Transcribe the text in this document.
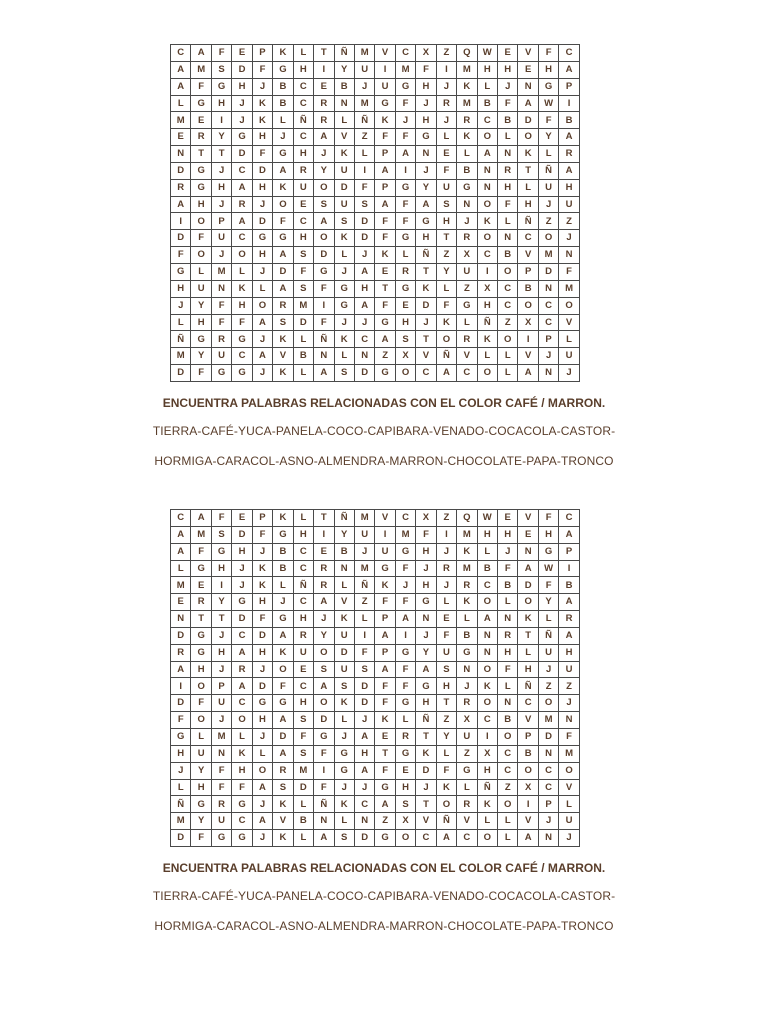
C	A	F	E	P	K	L	T	Ñ	M	V	C	X	Z	Q	W	E	V	F	C
A	M	S	D	F	G	H	I	Y	U	I	M	F	I	M	H	H	E	H	A
A	F	G	H	J	B	C	E	B	J	U	G	H	J	K	L	J	N	G	P
L	G	H	J	K	B	C	R	N	M	G	F	J	R	M	B	F	A	W	I
M	E	I	J	K	L	Ñ	R	L	Ñ	K	J	H	J	R	C	B	D	F	B
E	R	Y	G	H	J	C	A	V	Z	F	F	G	L	K	O	L	O	Y	A
N	T	T	D	F	G	H	J	K	L	P	A	N	E	L	A	N	K	L	R
D	G	J	C	D	A	R	Y	U	I	A	I	J	F	B	N	R	T	Ñ	A
R	G	H	A	H	K	U	O	D	F	P	G	Y	U	G	N	H	L	U	H
A	H	J	R	J	O	E	S	U	S	A	F	A	S	N	O	F	H	J	U
I	O	P	A	D	F	C	A	S	D	F	F	G	H	J	K	L	Ñ	Z	Z
D	F	U	C	G	G	H	O	K	D	F	G	H	T	R	O	N	C	O	J
F	O	J	O	H	A	S	D	L	J	K	L	Ñ	Z	X	C	B	V	M	N
G	L	M	L	J	D	F	G	J	A	E	R	T	Y	U	I	O	P	D	F
H	U	N	K	L	A	S	F	G	H	T	G	K	L	Z	X	C	B	N	M
J	Y	F	H	O	R	M	I	G	A	F	E	D	F	G	H	C	O	C	O
L	H	F	F	A	S	D	F	J	J	G	H	J	K	L	Ñ	Z	X	C	V
Ñ	G	R	G	J	K	L	Ñ	K	C	A	S	T	O	R	K	O	I	P	L
M	Y	U	C	A	V	B	N	L	N	Z	X	V	Ñ	V	L	L	V	J	U
D	F	G	G	J	K	L	A	S	D	G	O	C	A	C	O	L	A	N	J
ENCUENTRA PALABRAS RELACIONADAS CON EL COLOR CAFÉ / MARRON.
TIERRA-CAFÉ-YUCA-PANELA-COCO-CAPIBARA-VENADO-COCACOLA-CASTOR-
HORMIGA-CARACOL-ASNO-ALMENDRA-MARRON-CHOCOLATE-PAPA-TRONCO
C	A	F	E	P	K	L	T	Ñ	M	V	C	X	Z	Q	W	E	V	F	C
A	M	S	D	F	G	H	I	Y	U	I	M	F	I	M	H	H	E	H	A
A	F	G	H	J	B	C	E	B	J	U	G	H	J	K	L	J	N	G	P
L	G	H	J	K	B	C	R	N	M	G	F	J	R	M	B	F	A	W	I
M	E	I	J	K	L	Ñ	R	L	Ñ	K	J	H	J	R	C	B	D	F	B
E	R	Y	G	H	J	C	A	V	Z	F	F	G	L	K	O	L	O	Y	A
N	T	T	D	F	G	H	J	K	L	P	A	N	E	L	A	N	K	L	R
D	G	J	C	D	A	R	Y	U	I	A	I	J	F	B	N	R	T	Ñ	A
R	G	H	A	H	K	U	O	D	F	P	G	Y	U	G	N	H	L	U	H
A	H	J	R	J	O	E	S	U	S	A	F	A	S	N	O	F	H	J	U
I	O	P	A	D	F	C	A	S	D	F	F	G	H	J	K	L	Ñ	Z	Z
D	F	U	C	G	G	H	O	K	D	F	G	H	T	R	O	N	C	O	J
F	O	J	O	H	A	S	D	L	J	K	L	Ñ	Z	X	C	B	V	M	N
G	L	M	L	J	D	F	G	J	A	E	R	T	Y	U	I	O	P	D	F
H	U	N	K	L	A	S	F	G	H	T	G	K	L	Z	X	C	B	N	M
J	Y	F	H	O	R	M	I	G	A	F	E	D	F	G	H	C	O	C	O
L	H	F	F	A	S	D	F	J	J	G	H	J	K	L	Ñ	Z	X	C	V
Ñ	G	R	G	J	K	L	Ñ	K	C	A	S	T	O	R	K	O	I	P	L
M	Y	U	C	A	V	B	N	L	N	Z	X	V	Ñ	V	L	L	V	J	U
D	F	G	G	J	K	L	A	S	D	G	O	C	A	C	O	L	A	N	J
ENCUENTRA PALABRAS RELACIONADAS CON EL COLOR CAFÉ / MARRON.
TIERRA-CAFÉ-YUCA-PANELA-COCO-CAPIBARA-VENADO-COCACOLA-CASTOR-
HORMIGA-CARACOL-ASNO-ALMENDRA-MARRON-CHOCOLATE-PAPA-TRONCO
